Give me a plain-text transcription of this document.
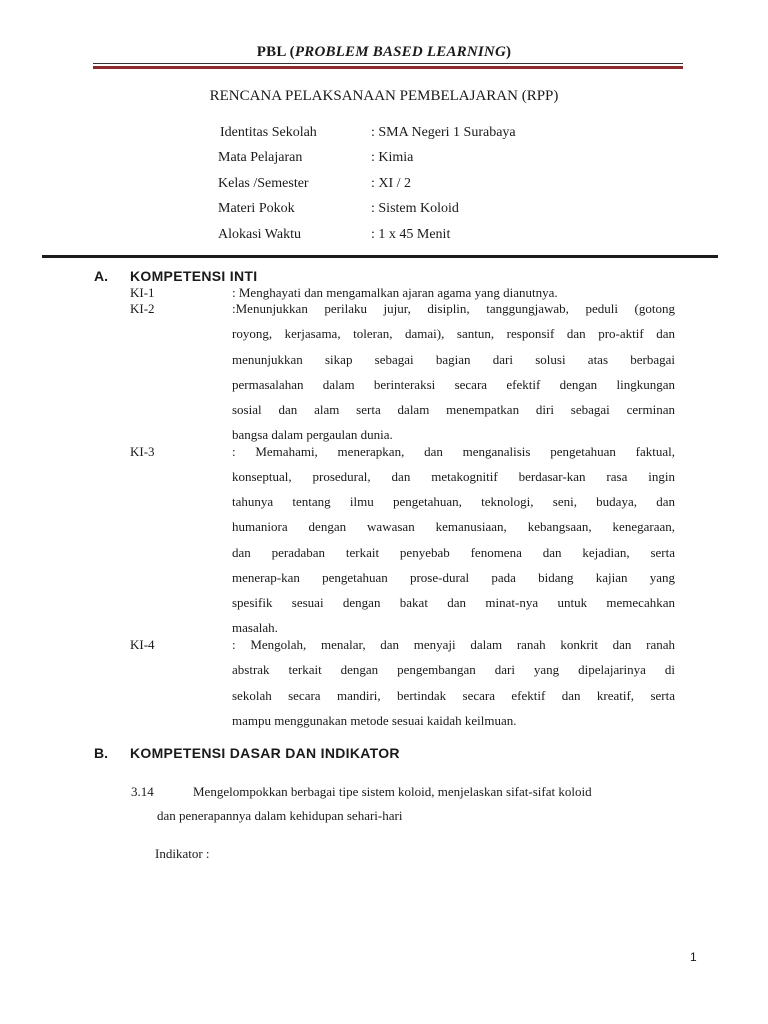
PBL (PROBLEM BASED LEARNING)
RENCANA PELAKSANAAN PEMBELAJARAN (RPP)
Identitas Sekolah	: SMA Negeri 1 Surabaya
Mata Pelajaran	: Kimia
Kelas /Semester	: XI / 2
Materi Pokok	: Sistem Koloid
Alokasi Waktu	: 1 x 45 Menit
A. KOMPETENSI INTI
KI-1	: Menghayati dan mengamalkan ajaran agama yang dianutnya.
KI-2	:Menunjukkan perilaku jujur, disiplin, tanggungjawab, peduli (gotong
royong, kerjasama, toleran, damai), santun, responsif dan pro-aktif dan
menunjukkan sikap sebagai bagian dari solusi atas berbagai
permasalahan dalam berinteraksi secara efektif dengan lingkungan
sosial dan alam serta dalam menempatkan diri sebagai cerminan
bangsa dalam pergaulan dunia.
KI-3	: Memahami, menerapkan, dan menganalisis pengetahuan faktual,
konseptual, prosedural, dan metakognitif berdasar-kan rasa ingin
tahunya tentang ilmu pengetahuan, teknologi, seni, budaya, dan
humaniora dengan wawasan kemanusiaan, kebangsaan, kenegaraan,
dan peradaban terkait penyebab fenomena dan kejadian, serta
menerap-kan pengetahuan prose-dural pada bidang kajian yang
spesifik sesuai dengan bakat dan minat-nya untuk memecahkan
masalah.
KI-4	: Mengolah, menalar, dan menyaji dalam ranah konkrit dan ranah
abstrak terkait dengan pengembangan dari yang dipelajarinya di
sekolah secara mandiri, bertindak secara efektif dan kreatif, serta
mampu menggunakan metode sesuai kaidah keilmuan.
B. KOMPETENSI DASAR DAN INDIKATOR
3.14	Mengelompokkan berbagai tipe sistem koloid, menjelaskan sifat-sifat koloid
dan penerapannya dalam kehidupan sehari-hari
Indikator :
1
